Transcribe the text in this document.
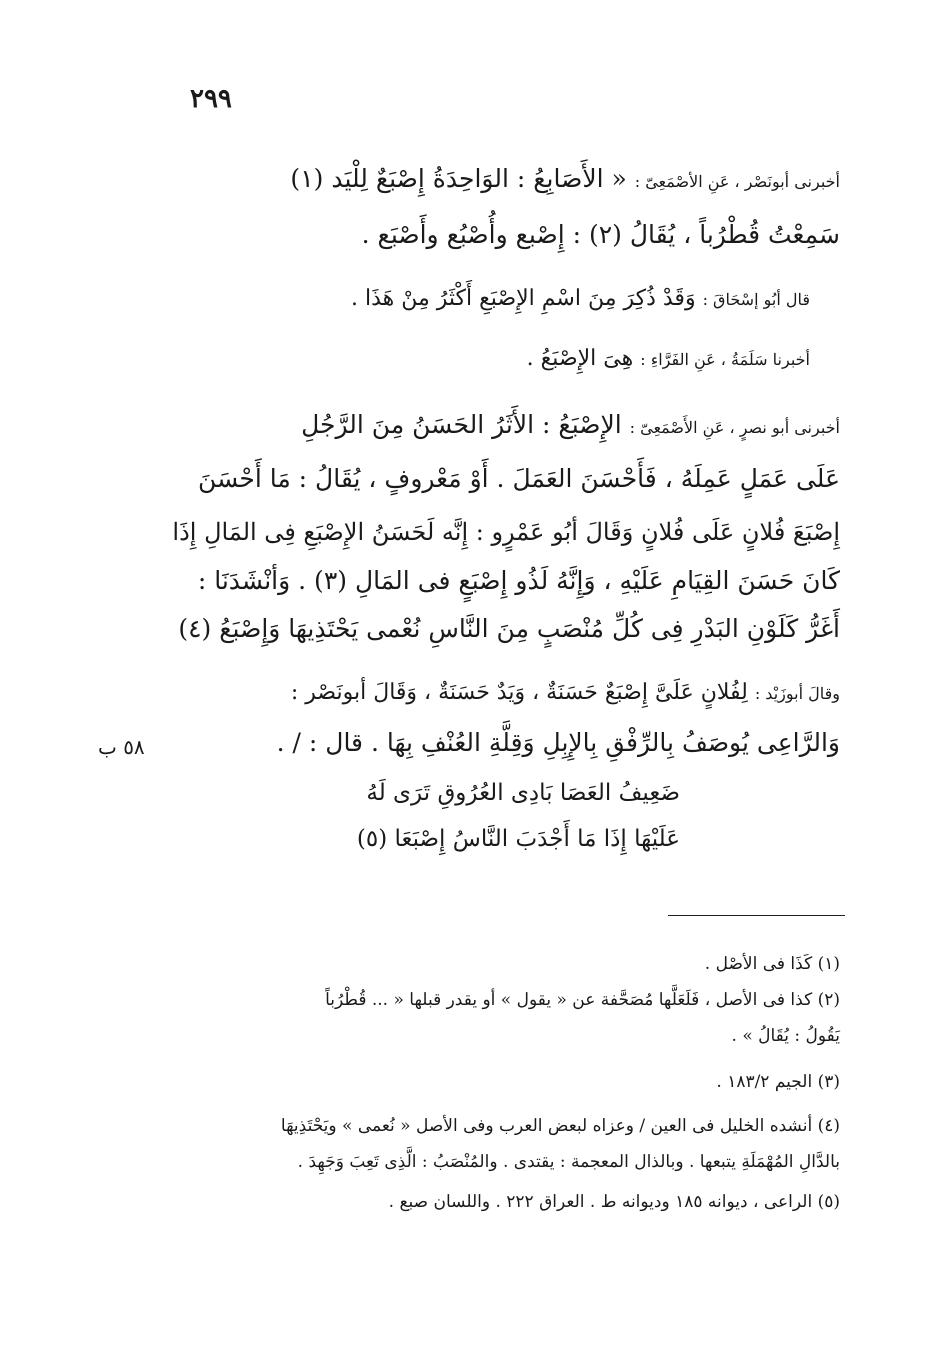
٢٩٩
أخبرنى أبونَصْر ، عَنِ الأصْمَعِىّ : « الأَصَابِعُ : الوَاحِدَةُ إِصْبَعٌ لِلْيَد (١)
سَمِعْتُ قُطْرُباً ، يُقَالُ (٢) : إِصْبع وأُصْبُع وأَصْبَع .
قال أبُو إسْحَاقَ : وَقَدْ ذُكِرَ مِنَ اسْمِ الإِصْبَعِ أَكْثَرُ مِنْ هَذَا .
أخبرنا سَلَمَةُ ، عَنِ الفَرَّاءِ : هِىَ الإِصْبَعُ .
أخبرنى أبو نصرٍ ، عَنِ الأَصْمَعِىّ : الإِصْبَعُ : الأَثَرُ الحَسَنُ مِنَ الرَّجُلِ
عَلَى عَمَلٍ عَمِلَهُ ، فَأَحْسَنَ العَمَلَ . أَوْ مَعْروفٍ ، يُقَالُ : مَا أَحْسَنَ
إِصْبَعَ فُلانٍ عَلَى فُلانٍ وَقَالَ أبُو عَمْرٍو : إِنَّه لَحَسَنُ الإِصْبَعِ فِى المَالِ إِذَا
كَانَ حَسَنَ القِيَامِ عَلَيْهِ ، وَإِنَّهُ لَذُو إِصْبَعٍ فى المَالِ (٣) . وَأنْشَدَنَا :
أَغَرُّ كَلَوْنِ البَدْرِ فِى كُلِّ مُنْصَبٍ مِنَ النَّاسِ نُعْمى يَحْتَذِيهَا وَإِصْبَعُ (٤)
وقالَ أبوزَيْد : لِفُلانٍ عَلَىَّ إِصْبَعٌ حَسَنَةٌ ، وَيَدٌ حَسَنَةٌ ، وَقَالَ أبونَصْر :
وَالرَّاعِى يُوصَفُ بِالرِّفْقِ بِالإِبِلِ وَقِلَّةِ العُنْفِ بِهَا . قال : / .
ضَعِيفُ العَصَا بَادِى العُرُوقِ تَرَى لَهُ
عَلَيْهَا إِذَا مَا أَجْدَبَ النَّاسُ إِصْبَعَا (٥)
٥٨ ب
(١) كَذَا فى الأصْل .
(٢) كذا فى الأصل ، فَلَعَلَّها مُصَحَّفة عن « يقول » أو يقدر قبلها « ... قُطْرُباً
يَقُولُ : يُقَالُ » .
(٣) الجيم ١٨٣/٢ .
(٤) أنشده الخليل فى العين / وعزاه لبعض العرب وفى الأصل « نُعمى » ويَحْتَذِيهَا
بالدَّالِ المُهْمَلَةِ يتبعها . وبالذال المعجمة : يقتدى . والمُنْصَبُ : الَّذِى تَعِبَ وَجَهِدَ .
(٥) الراعى ، ديوانه ١٨٥ وديوانه ط . العراق ٢٢٢ . واللسان صبع .
